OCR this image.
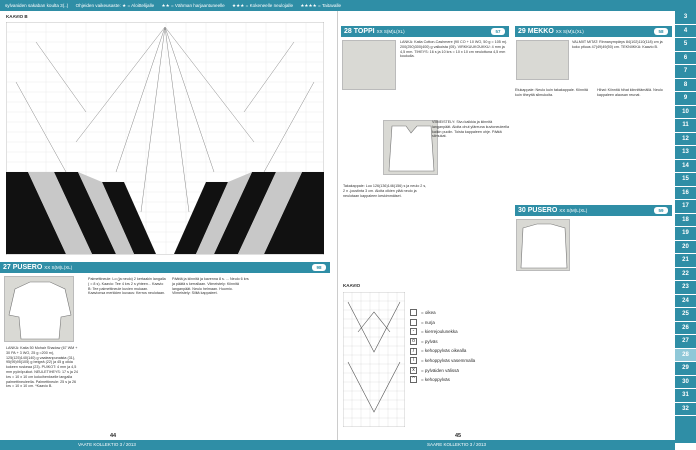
sylvaniden sakaban koulta 3(..) Ohjeiden vaikeusaste: ★ = Aloittelijalle ★★ = Vähman harjaantuneelle ★★★ = Kokeneelle neulojalle ★★★★ = Taitavalle
KAAVIO B
27 PUSERO XX S(M)L(XL)	98
LANKA: Katia 50 Mohair Shadow (67 WM + 30 PA + 3 WO, 25 g =200 m), 125(125)140(140) g vaaleanpunaista (31), 95(95)95(105) g beigeä (22) ja 45 g oikia kokeen ruskeaa (23). PUIKOT: 4 mm ja 4,5 mm pyöröpuikot. NEULETIHEYS: 17 s ja 24 krs = 10 x 10 cm kokoihenkselle langalla palmettineuleella. Palmettineule: 25 s ja 26 krs = 10 x 10 cm. *Kaavio B.
Palmettineule: Lo (ja neulo) 2 kertaakin langalla ( = 8 s). Kaavio: Tee 4 krs 2 s yhteen... Kaavio B: Tee palmettineule kuvien mukaan. Kaavionsa merkkien kuvaus: Kerros neulotaan.
Päättä ja kiinnitä ja kavenna 8 s. ... Neulo 6 krs ja päätä s kerrallaan. Viimeistely: Kiinnitä langanpäät. Neulo helmaan. Huomio. Viimeistely: Silitä kappaleet.
28 TOPPI XX S(M)L(XL)	57	29 MEKKO XX S(M)L(XL)	58
LANKA: Katia Cotton-Cashmere (90 CO + 10 WO, 50 g = 105 m). 200(250)300(400) g valkoista (05). VIRKKUUKOUKKU: 4 mm ja 4,5 mm. TIHEYS: 16 s ja 10 krs = 10 x 10 cm neulottuna 4,5 mm koukulla.
VALMIIT MITAT: Rinnanympärys 84(102)110(118) cm ja koko pituus 47(49)49(50) cm. TEKNIIKKA: Kaavio B.
Takakappale: Luo 126(136)146(156) s ja neulo 2 s, 2 n -joustinta 3 cm. Aloita olkien ylää neulo ja neulotaan kappaleen keskimmäiset.
VIIMEISTELY: Sivu kaikkia ja kiinnitä langanpäät. Aloita ohut yläreuna kuvioneuleella kaikin puolin. Toista kappaleen ohje. Päätä silmukat.
Etukappale: Neulo kuin takakappale. Kiinnitä kuin tiheyttä silmukoita.
Hihat: Kiinnitä hihat kiinnittämällä. Neulo kappaleen alaosan reunat.
KAAVIO
= oikea
= nurja
-	= kierrejoulunekka
o	= pylväs
/	= kehoppylväs oikealla
\	= kehoppylväs vasemmalla
x	= pylväiden välissä
^	= kehoppylväs
30 PUSERO XX S(M)L(XL)	59
VAATE KOLLEKTIO 3 / 2013	SAARE KOLLEKTIO 3 / 2013
44	45
3
4
5
6
7
8
9
10
11
12
13
14
15
16
17
18
19
20
21
22
23
24
25
26
27
28
29
30
31
32
